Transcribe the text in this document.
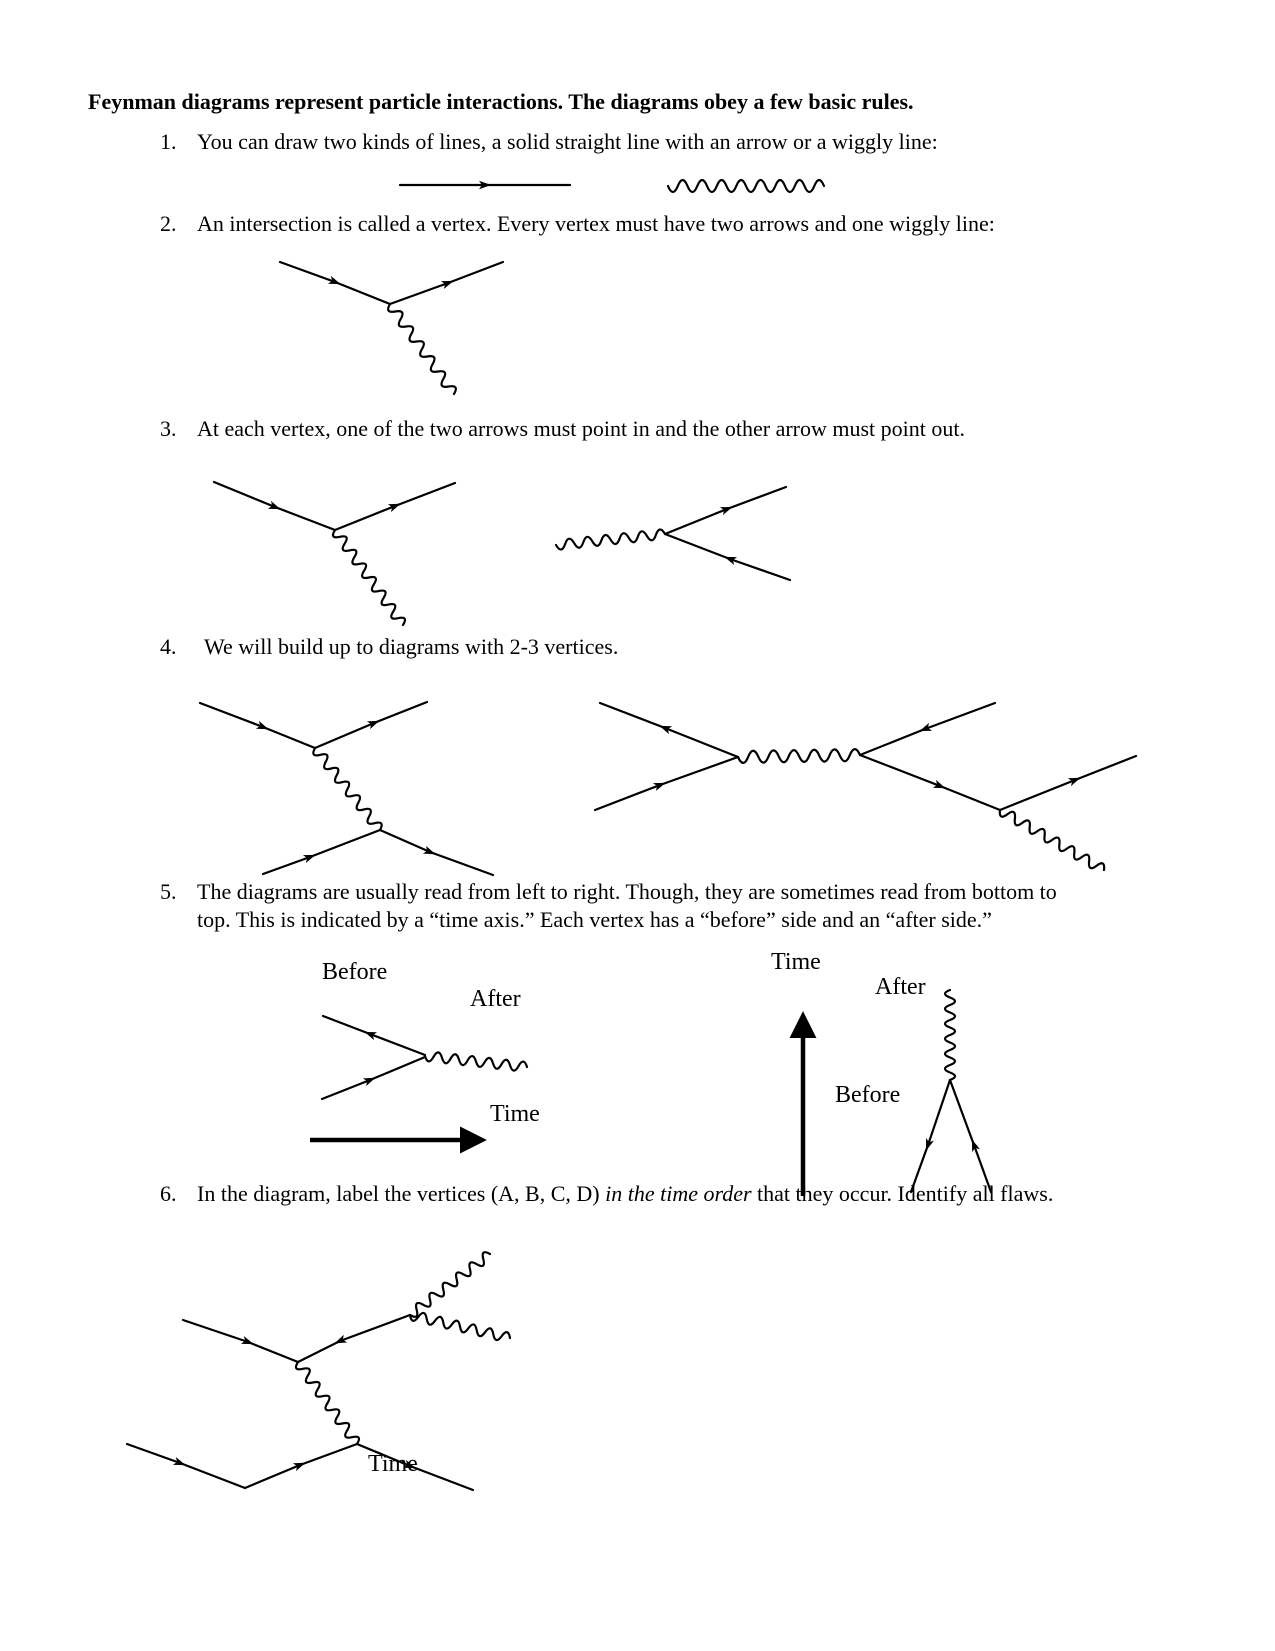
Feynman diagrams represent particle interactions. The diagrams obey a few basic rules.
1. You can draw two kinds of lines, a solid straight line with an arrow or a wiggly line:
2. An intersection is called a vertex. Every vertex must have two arrows and one wiggly line:
3. At each vertex, one of the two arrows must point in and the other arrow must point out.
4. We will build up to diagrams with 2-3 vertices.
5. The diagrams are usually read from left to right. Though, they are sometimes read from bottom to
top. This is indicated by a “time axis.” Each vertex has a “before” side and an “after side.”
6. In the diagram, label the vertices (A, B, C, D) in the time order that they occur. Identify all flaws.
Before
After
Time
Time
After
Before
Time
